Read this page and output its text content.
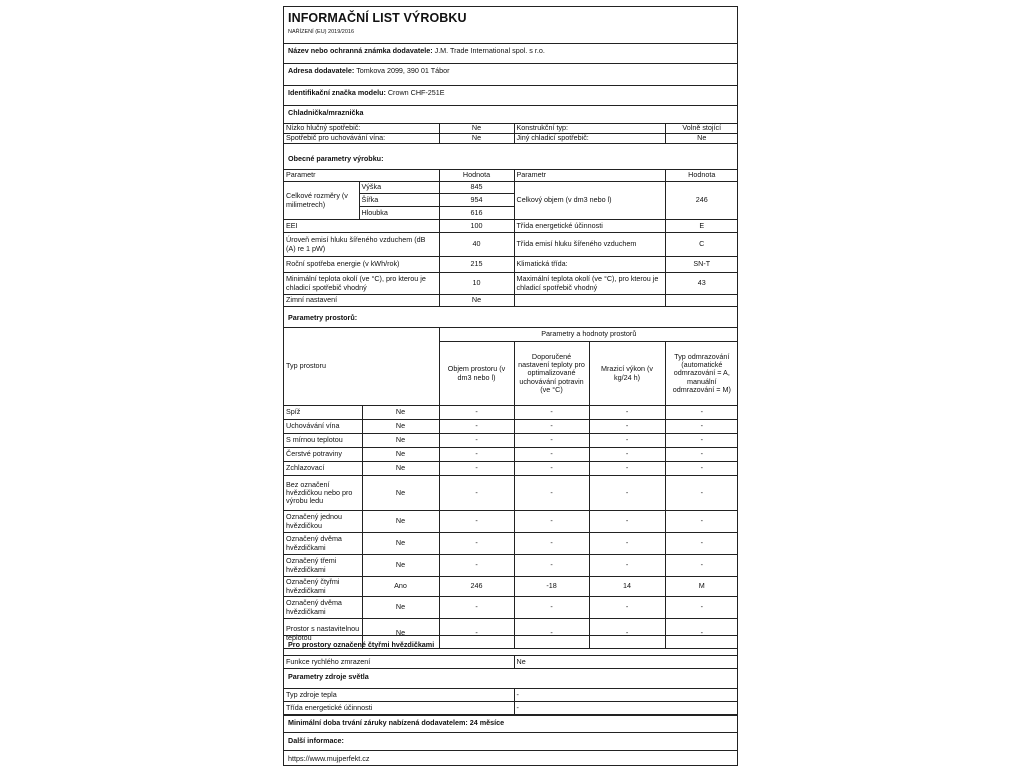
INFORMAČNÍ LIST VÝROBKU
NAŘÍZENÍ (EU) 2019/2016
Název nebo ochranná známka dodavatele: J.M. Trade International spol. s r.o.
Adresa dodavatele: Tomkova 2099, 390 01 Tábor
Identifikační značka modelu: Crown CHF-251E
Chladnička/mraznička
Nízko hlučný spotřebič:	Ne	Konstrukční typ:	Volně stojící
Spotřebič pro uchovávání vína:	Ne	Jiný chladicí spotřebič:	Ne
Obecné parametry výrobku:
Parametr		Hodnota	Parametr	Hodnota
Celkové rozměry (v milimetrech)	Výška	845	Celkový objem (v dm3 nebo l)	246
	Šířka	954		
	Hloubka	616		
EEI		100	Třída energetické účinnosti	E
Úroveň emisí hluku šířeného vzduchem (dB (A) re 1 pW)		40	Třída emisí hluku šířeného vzduchem	C
Roční spotřeba energie (v kWh/rok)		215	Klimatická třída:	SN-T
Minimální teplota okolí (ve °C), pro kterou je chladicí spotřebič vhodný		10	Maximální teplota okolí (ve °C), pro kterou je chladicí spotřebič vhodný	43
Zimní nastavení		Ne		
Parametry prostorů:
Typ prostoru		Parametry a hodnoty prostorů			
		Objem prostoru (v dm3 nebo l)	Doporučené nastavení teploty pro optimalizované uchovávání potravin (ve °C)	Mrazicí výkon (v kg/24 h)	Typ odmrazování (automatické odmrazování = A, manuální odmrazování = M)
Spíž	Ne	-	-	-	-
Uchovávání vína	Ne	-	-	-	-
S mírnou teplotou	Ne	-	-	-	-
Čerstvé potraviny	Ne	-	-	-	-
Zchlazovací	Ne	-	-	-	-
Bez označení hvězdičkou nebo pro výrobu ledu	Ne	-	-	-	-
Označený jednou hvězdičkou	Ne	-	-	-	-
Označený dvěma hvězdičkami	Ne	-	-	-	-
Označený třemi hvězdičkami	Ne	-	-	-	-
Označený čtyřmi hvězdičkami	Ano	246	-18	14	M
Označený dvěma hvězdičkami	Ne	-	-	-	-
Prostor s nastavitelnou teplotou	Ne	-	-	-	-
Pro prostory označené čtyřmi hvězdičkami
Funkce rychlého zmrazení	Ne
Parametry zdroje světla
Typ zdroje tepla	-
Třída energetické účinnosti	-
Minimální doba trvání záruky nabízená dodavatelem: 24 měsíce
Další informace:
https://www.mujperfekt.cz
